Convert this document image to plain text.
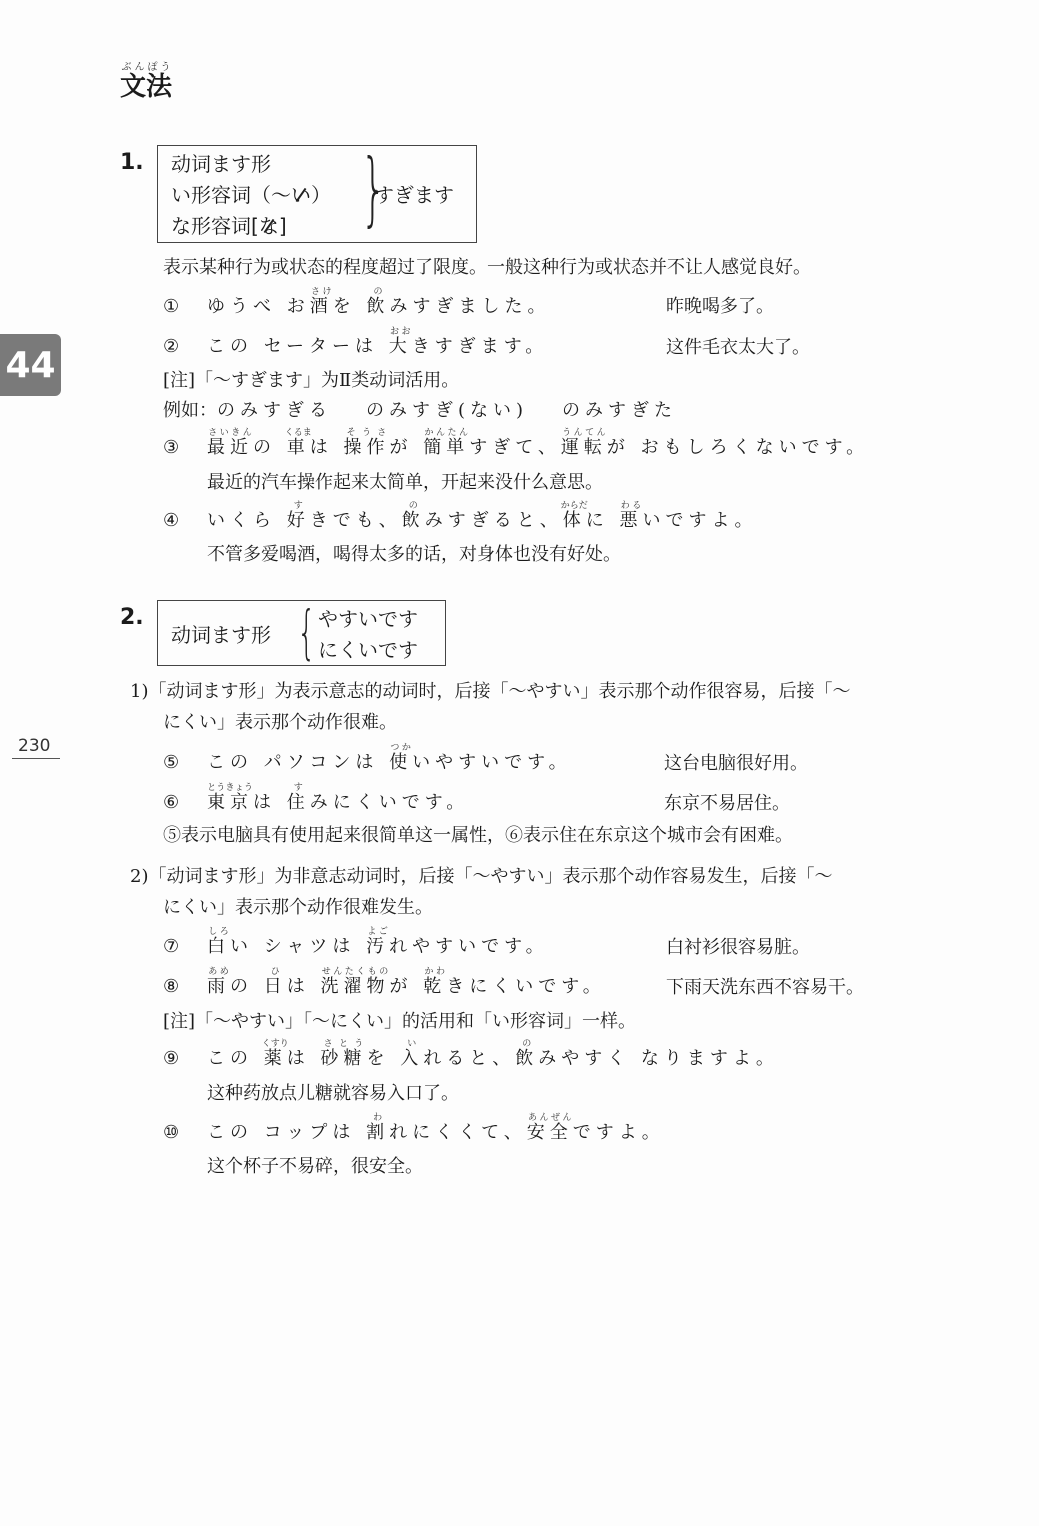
文法ぶんぽう
44
230
1. 动词ます形
い形容词（～い）
な形容词[な] }
すぎます
表示某种行为或状态的程度超过了限度。一般这种行为或状态并不让人感觉良好。
① ゆうべ お酒さけを 飲のみすぎました。	昨晚喝多了。
② この セーターは 大おおきすぎます。	这件毛衣太大了。
[注]「～すぎます」为Ⅱ类动词活用。
例如：のみすぎる のみすぎ(ない) のみすぎた
③ 最近さいきんの 車くるまは 操作そうさが 簡単かんたんすぎて、運転うんてんが おもしろくないです。
最近的汽车操作起来太简单，开起来没什么意思。
④ いくら 好すきでも、飲のみすぎると、体からだに 悪わるいですよ。
不管多爱喝酒，喝得太多的话，对身体也没有好处。
2.
动词ます形 { やすいです
にくいです
1)「动词ます形」为表示意志的动词时，后接「～やすい」表示那个动作很容易，后接「～
にくい」表示那个动作很难。
⑤ この パソコンは 使つかいやすいです。	这台电脑很好用。
⑥ 東京とうきょうは 住すみにくいです。	东京不易居住。
⑤表示电脑具有使用起来很简单这一属性，⑥表示住在东京这个城市会有困难。
2)「动词ます形」为非意志动词时，后接「～やすい」表示那个动作容易发生，后接「～
にくい」表示那个动作很难发生。
⑦ 白しろい シャツは 汚よごれやすいです。	白衬衫很容易脏。
⑧ 雨あめの 日ひは 洗濯物せんたくものが 乾かわきにくいです。	下雨天洗东西不容易干。
[注]「～やすい」「～にくい」的活用和「い形容词」一样。
⑨ この 薬くすりは 砂糖さとうを 入いれると、飲のみやすく なりますよ。
这种药放点儿糖就容易入口了。
⑩ この コップは 割われにくくて、安全あんぜんですよ。
这个杯子不易碎，很安全。
